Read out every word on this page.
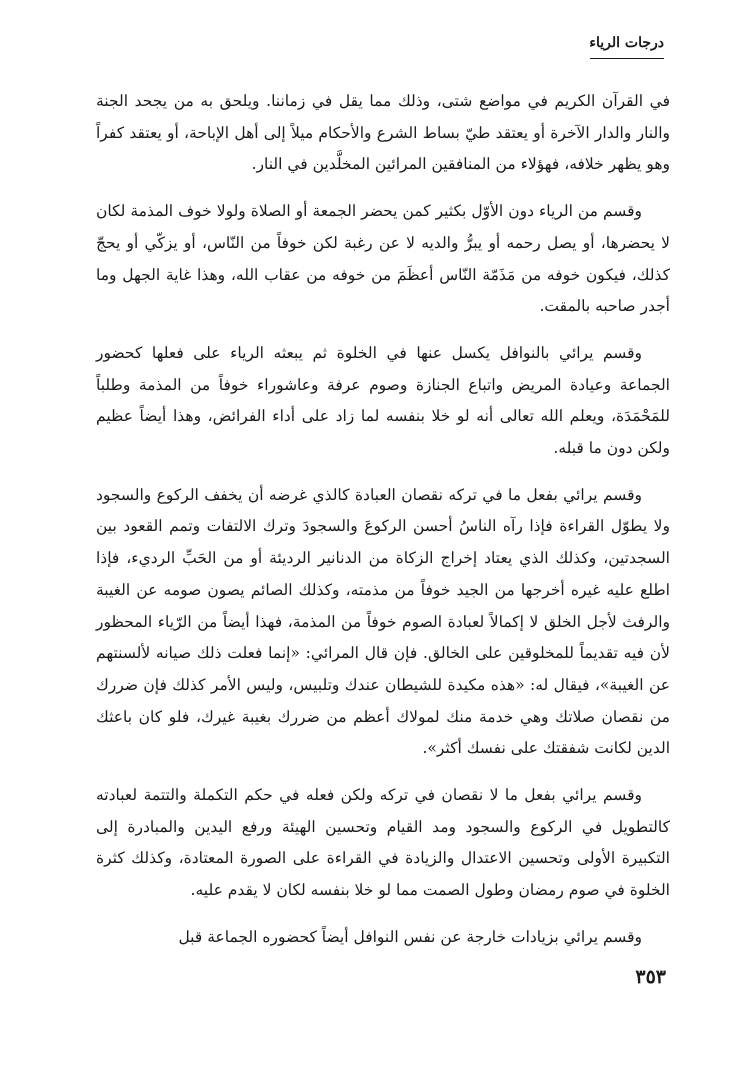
درجات الرياء

في القرآن الكريم في مواضع شتى، وذلك مما يقل في زماننا. ويلحق به من يجحد الجنة والنار والدار الآخرة أو يعتقد طيّ بساط الشرع والأحكام ميلاً إلى أهل الإباحة، أو يعتقد كفراً وهو يظهر خلافه، فهؤلاء من المنافقين المرائين المخلَّدين في النار.

وقسم من الرياء دون الأوّل بكثير كمن يحضر الجمعة أو الصلاة ولولا خوف المذمة لكان لا يحضرها، أو يصل رحمه أو يبرُّ والديه لا عن رغبة لكن خوفاً من النّاس، أو يزكّي أو يحجّ كذلك، فيكون خوفه من مَذَمّة النّاس أعظَمَ من خوفه من عقاب الله، وهذا غاية الجهل وما أجدر صاحبه بالمقت.

وقسم يرائي بالنوافل يكسل عنها في الخلوة ثم يبعثه الرياء على فعلها كحضور الجماعة وعيادة المريض واتباع الجنازة وصوم عرفة وعاشوراء خوفاً من المذمة وطلباً للمَحْمَدَة، ويعلم الله تعالى أنه لو خلا بنفسه لما زاد على أداء الفرائض، وهذا أيضاً عظيم ولكن دون ما قبله.

وقسم يرائي بفعل ما في تركه نقصان العبادة كالذي غرضه أن يخفف الركوع والسجود ولا يطوّل القراءة فإذا رآه الناسُ أحسن الركوعَ والسجودَ وترك الالتفات وتمم القعود بين السجدتين، وكذلك الذي يعتاد إخراج الزكاة من الدنانير الرديئة أو من الحَبِّ الرديء، فإذا اطلع عليه غيره أخرجها من الجيد خوفاً من مذمته، وكذلك الصائم يصون صومه عن الغيبة والرفث لأجل الخلق لا إكمالاً لعبادة الصوم خوفاً من المذمة، فهذا أيضاً من الرّياء المحظور لأن فيه تقديماً للمخلوقين على الخالق. فإن قال المرائي: «إنما فعلت ذلك صيانه لألسنتهم عن الغيبة»، فيقال له: «هذه مكيدة للشيطان عندك وتلبيس، وليس الأمر كذلك فإن ضررك من نقصان صلاتك وهي خدمة منك لمولاك أعظم من ضررك بغيبة غيرك، فلو كان باعثك الدين لكانت شفقتك على نفسك أكثر».

وقسم يرائي بفعل ما لا نقصان في تركه ولكن فعله في حكم التكملة والتتمة لعبادته كالتطويل في الركوع والسجود ومد القيام وتحسين الهيئة ورفع اليدين والمبادرة إلى التكبيرة الأولى وتحسين الاعتدال والزيادة في القراءة على الصورة المعتادة، وكذلك كثرة الخلوة في صوم رمضان وطول الصمت مما لو خلا بنفسه لكان لا يقدم عليه.

وقسم يرائي بزيادات خارجة عن نفس النوافل أيضاً كحضوره الجماعة قبل

٣٥٣
